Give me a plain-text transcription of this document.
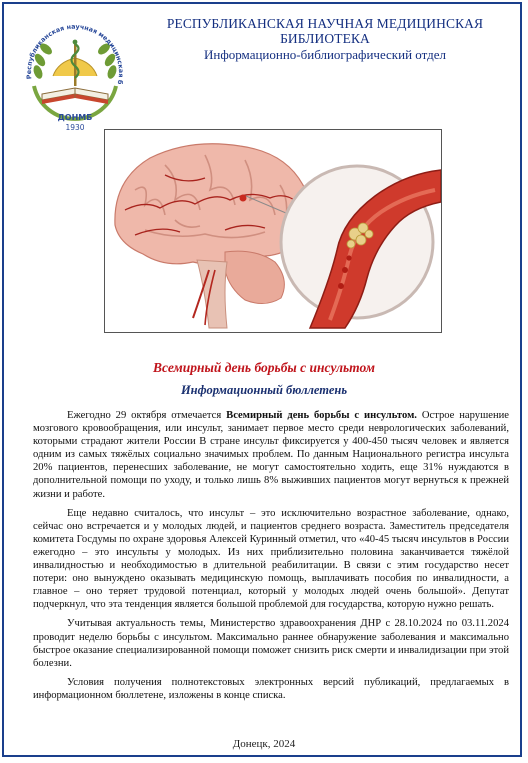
Республиканская научная медицинская б
ДОНМБ
1930
РЕСПУБЛИКАНСКАЯ НАУЧНАЯ МЕДИЦИНСКАЯ
БИБЛИОТЕКА
Информационно-библиографический отдел
Всемирный день борьбы с инсультом
Информационный бюллетень

Ежегодно 29 октября отмечается Всемирный день борьбы с инсультом. Острое нарушение мозгового кровообращения, или инсульт, занимает первое место среди неврологических заболеваний, которыми страдают жители России В стране инсульт фиксируется у 400-450 тысяч человек и является одним из самых тяжёлых социально значимых проблем. По данным Национального регистра инсульта 20% пациентов, перенесших заболевание, не могут самостоятельно ходить, еще 31% нуждаются в дополнительной помощи по уходу, и только лишь 8% выживших пациентов могут вернуться к прежней жизни и работе.

Еще недавно считалось, что инсульт – это исключительно возрастное заболевание, однако, сейчас оно встречается и у молодых людей, и пациентов среднего возраста. Заместитель председателя комитета Госдумы по охране здоровья Алексей Куринный отметил, что «40-45 тысяч инсультов в России ежегодно – это инсульты у молодых. Из них приблизительно половина заканчивается тяжёлой инвалидностью и необходимостью в длительной реабилитации. В связи с этим государство несет потери: оно вынуждено оказывать медицинскую помощь, выплачивать пособия по инвалидности, а главное – оно теряет трудовой потенциал, который у молодых людей очень большой». Депутат подчеркнул, что эта тенденция является большой проблемой для государства, которую нужно решать.

Учитывая актуальность темы, Министерство здравоохранения ДНР с 28.10.2024 по 03.11.2024 проводит неделю борьбы с инсультом. Максимально раннее обнаружение заболевания и максимально быстрое оказание специализированной помощи поможет снизить риск смерти и инвалидизации при этой болезни.

Условия получения полнотекстовых электронных версий публикаций, предлагаемых в информационном бюллетене, изложены в конце списка.

Донецк, 2024
